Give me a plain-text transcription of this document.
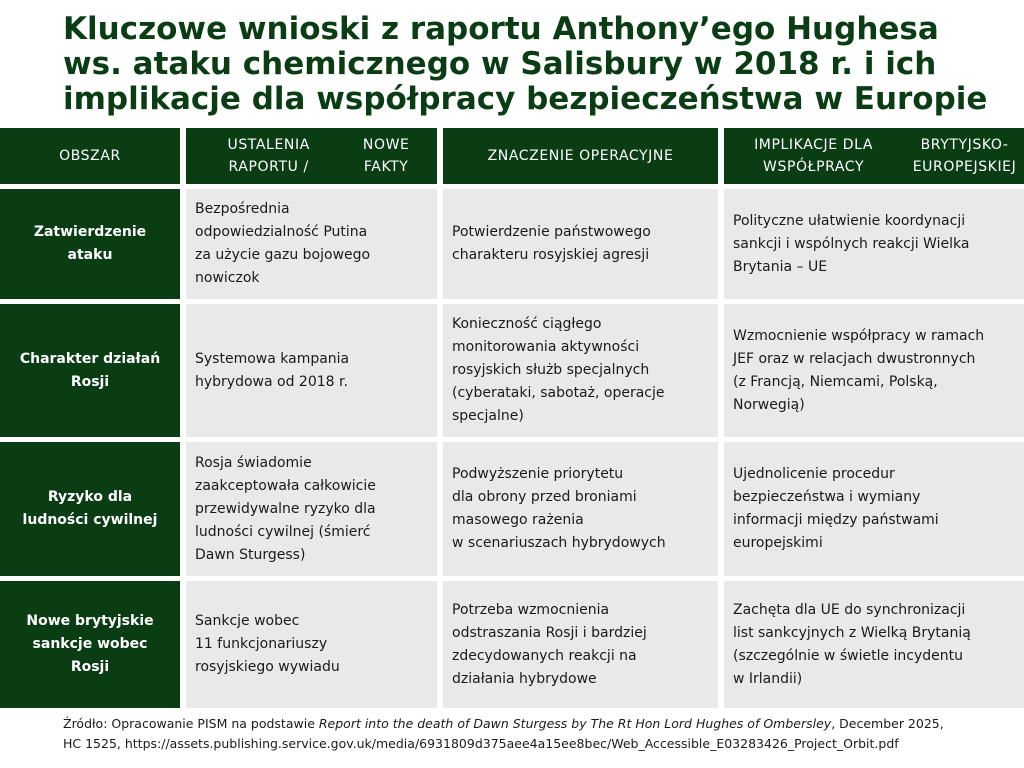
Kluczowe wnioski z raportu Anthony’ego Hughesa
ws. ataku chemicznego w Salisbury w 2018 r. i ich
implikacje dla współpracy bezpieczeństwa w Europie
OBSZAR
USTALENIA RAPORTU /
NOWE FAKTY
ZNACZENIE OPERACYJNE
IMPLIKACJE DLA WSPÓŁPRACY
BRYTYJSKO-EUROPEJSKIEJ
Zatwierdzenie
ataku
Bezpośrednia
odpowiedzialność Putina
za użycie gazu bojowego
nowiczok
Potwierdzenie państwowego
charakteru rosyjskiej agresji
Polityczne ułatwienie koordynacji
sankcji i wspólnych reakcji Wielka
Brytania – UE
Charakter działań
Rosji
Systemowa kampania
hybrydowa od 2018 r.
Konieczność ciągłego
monitorowania aktywności
rosyjskich służb specjalnych
(cyberataki, sabotaż, operacje
specjalne)
Wzmocnienie współpracy w ramach
JEF oraz w relacjach dwustronnych
(z Francją, Niemcami, Polską,
Norwegią)
Ryzyko dla
ludności cywilnej
Rosja świadomie
zaakceptowała całkowicie
przewidywalne ryzyko dla
ludności cywilnej (śmierć
Dawn Sturgess)
Podwyższenie priorytetu
dla obrony przed broniami
masowego rażenia
w scenariuszach hybrydowych
Ujednolicenie procedur
bezpieczeństwa i wymiany
informacji między państwami
europejskimi
Nowe brytyjskie
sankcje wobec
Rosji
Sankcje wobec
11 funkcjonariuszy
rosyjskiego wywiadu
Potrzeba wzmocnienia
odstraszania Rosji i bardziej
zdecydowanych reakcji na
działania hybrydowe
Zachęta dla UE do synchronizacji
list sankcyjnych z Wielką Brytanią
(szczególnie w świetle incydentu
w Irlandii)

Źródło: Opracowanie PISM na podstawie Report into the death of Dawn Sturgess by The Rt Hon Lord Hughes of Ombersley, December 2025,
HC 1525, https://assets.publishing.service.gov.uk/media/6931809d375aee4a15ee8bec/Web_Accessible_E03283426_Project_Orbit.pdf
